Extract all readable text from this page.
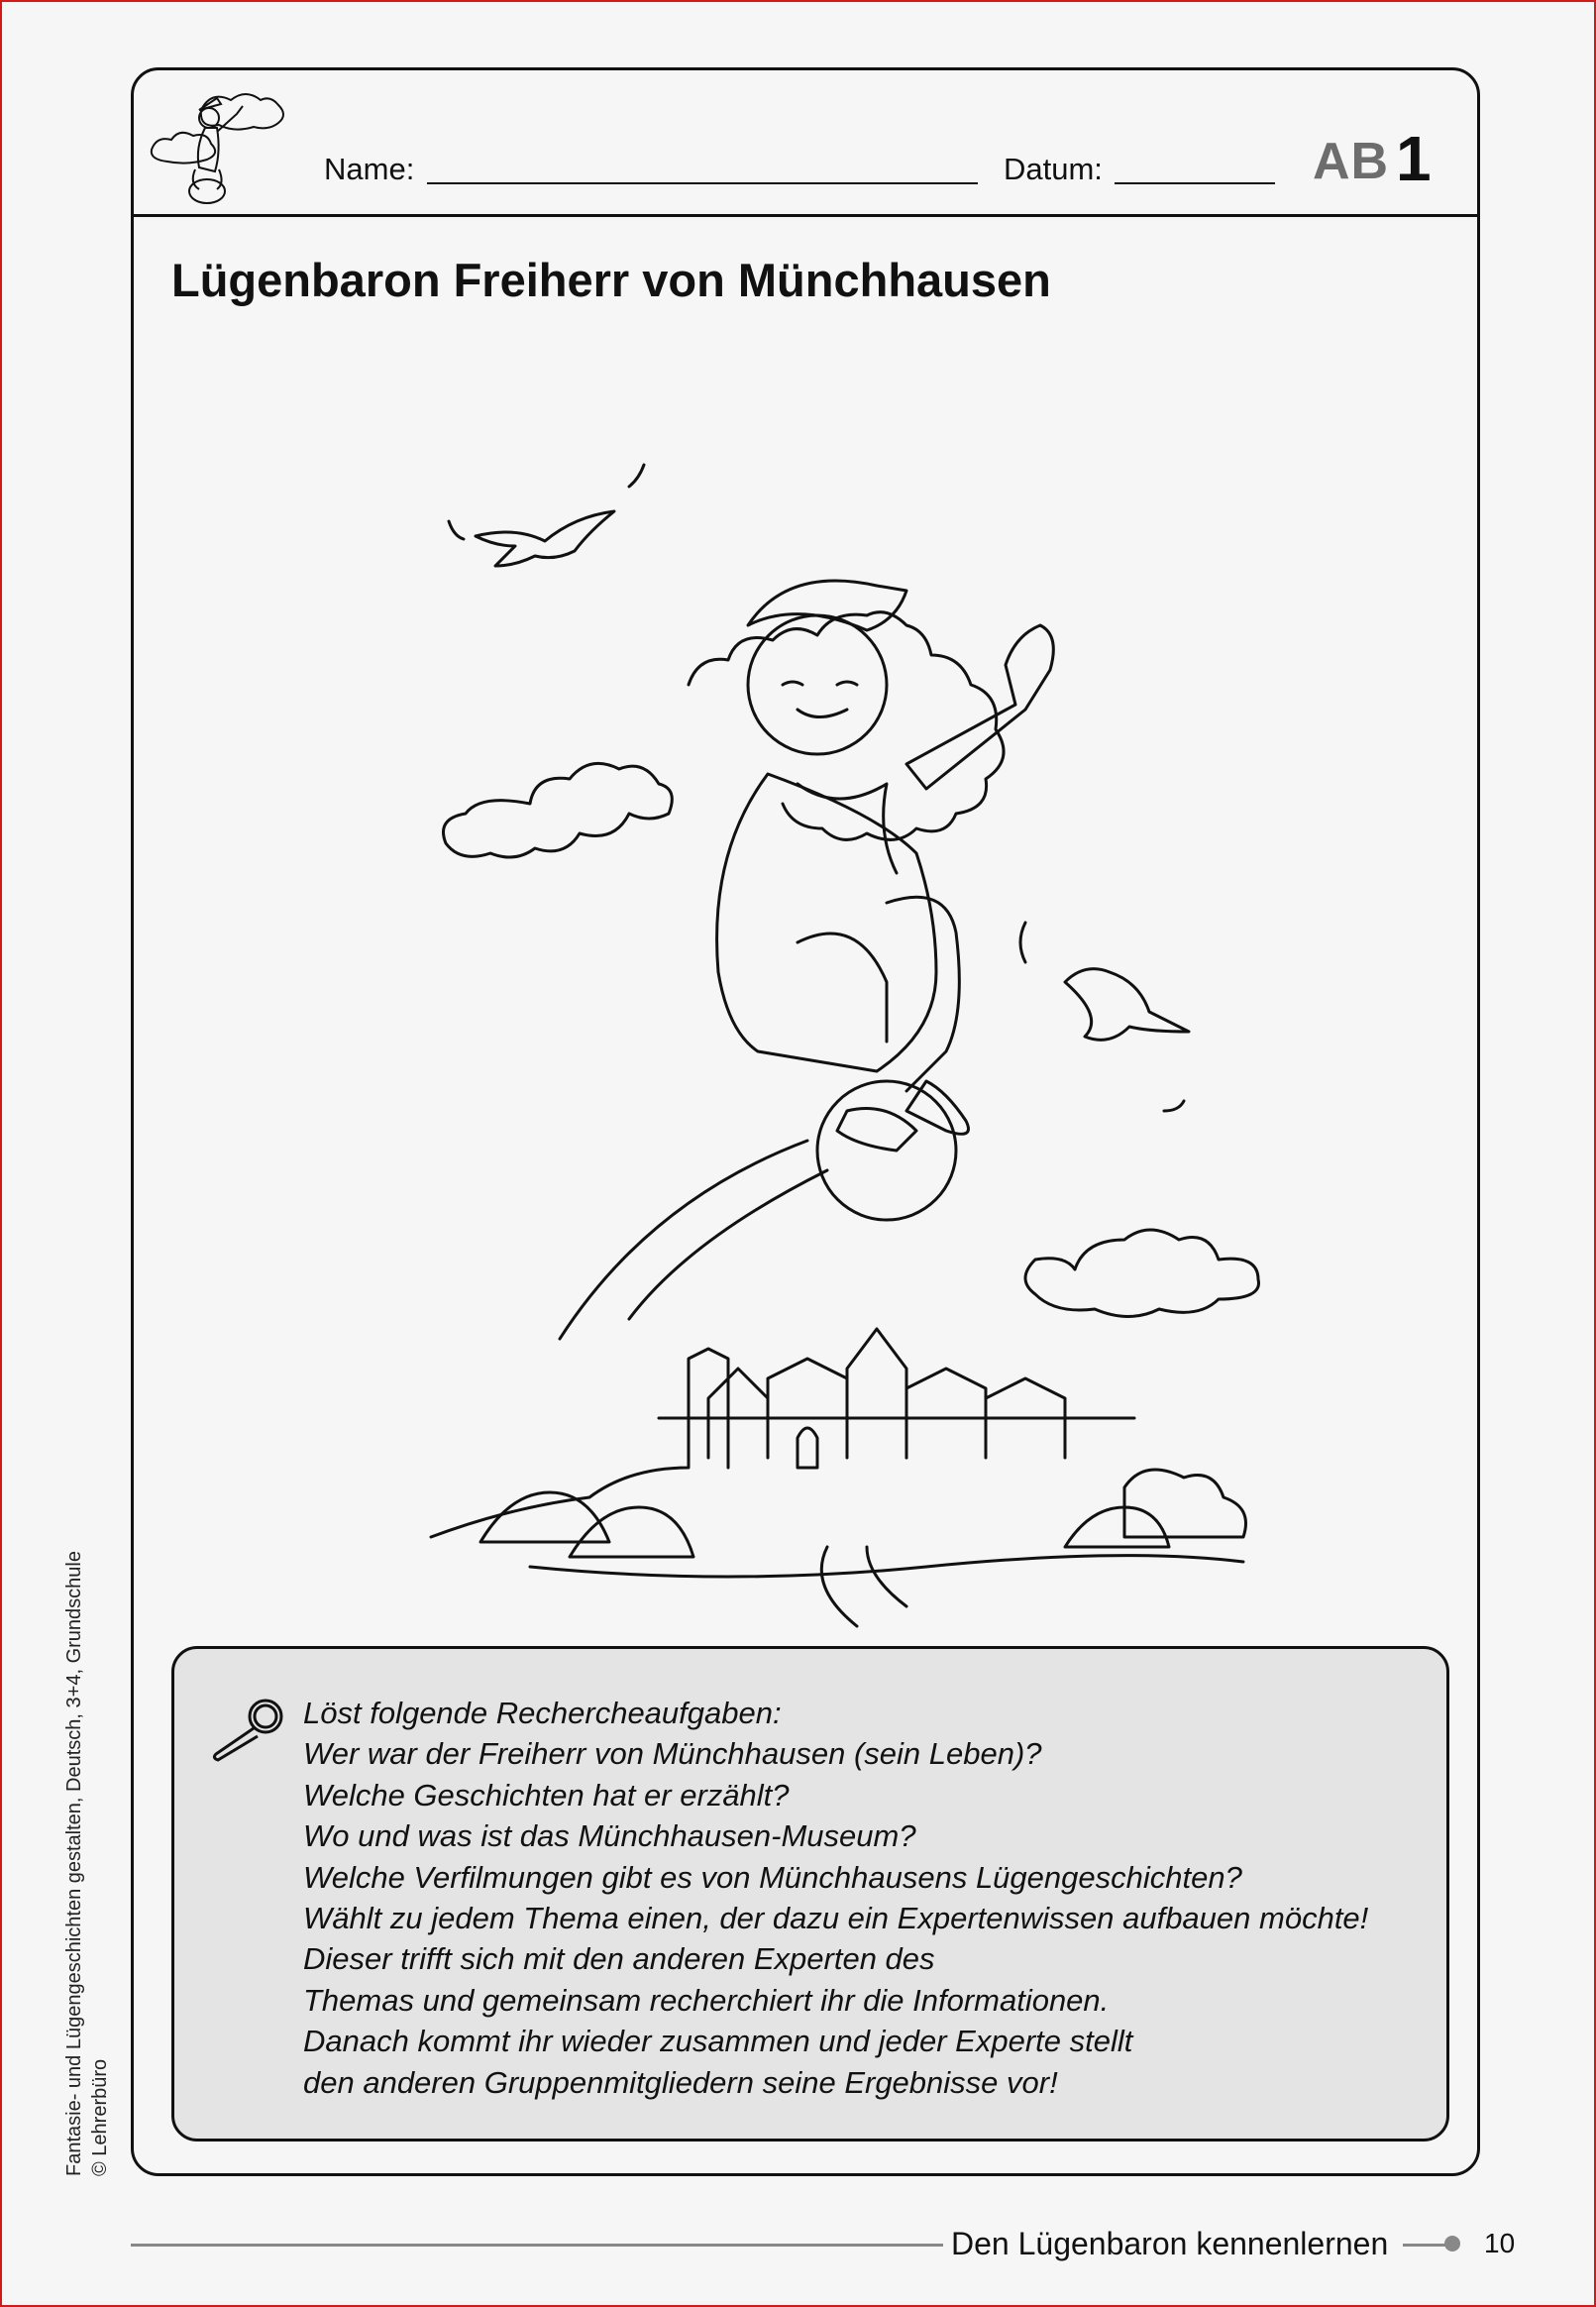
Name:	Datum:	AB 1
Lügenbaron Freiherr von Münchhausen
Löst folgende Rechercheaufgaben:
Wer war der Freiherr von Münchhausen (sein Leben)?
Welche Geschichten hat er erzählt?
Wo und was ist das Münchhausen-Museum?
Welche Verfilmungen gibt es von Münchhausens Lügengeschichten?
Wählt zu jedem Thema einen, der dazu ein Expertenwissen aufbauen möchte!
Dieser trifft sich mit den anderen Experten des
Themas und gemeinsam recherchiert ihr die Informationen.
Danach kommt ihr wieder zusammen und jeder Experte stellt
den anderen Gruppenmitgliedern seine Ergebnisse vor!
Fantasie- und Lügengeschichten gestalten, Deutsch, 3+4, Grundschule © Lehrerbüro
Den Lügenbaron kennenlernen	10
